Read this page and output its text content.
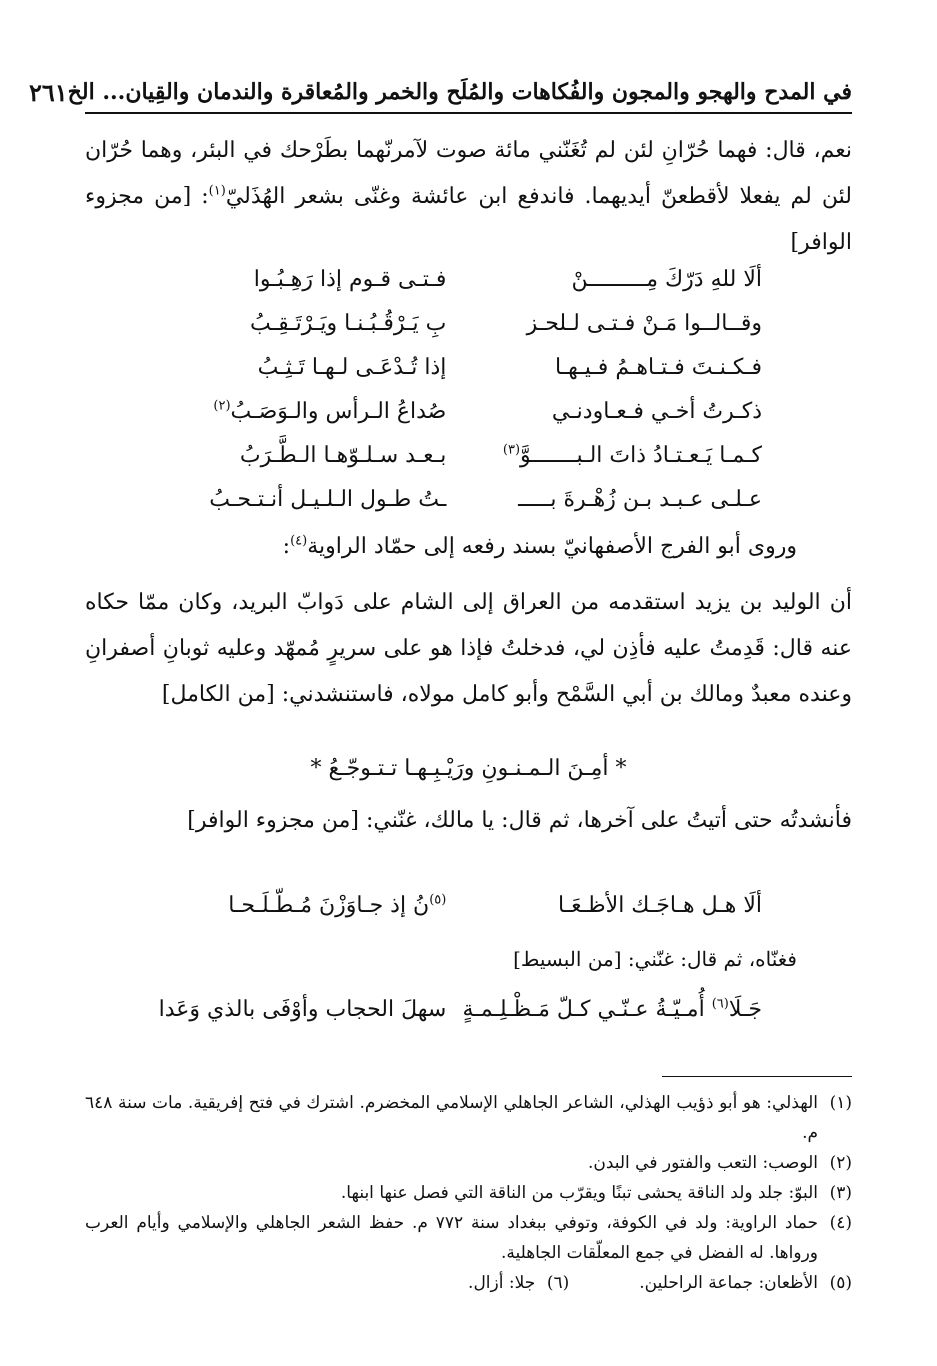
في المدح والهجو والمجون والفُكاهات والمُلَح والخمر والمُعاقرة والندمان والقِيان... الخ
٢٦١
نعم، قال: فهما حُرّانِ لئن لم تُغَنّني مائة صوت لآمرنّهما بطَرْحك في البئر، وهما حُرّان لئن لم يفعلا لأقطعنّ أيديهما. فاندفع ابن عائشة وغنّى بشعر الهُذَليّ$^{(١)}$: [من مجزوء الوافر]
ألَا للهِ دَرّكَ مِـــــــــنْ
فـتـى قـوم إذا رَهِـبُـوا
وقــالــوا مَـنْ فـتـى لـلحـز
بِ يَـرْقُـبُـنـا ويَـرْتَـقِـبُ
فـكـنـتَ فـتـاهـمُ فـيـهـا
إذا تُـدْعَـى لـهـا تَـثِـبُ
ذكـرتُ أخـي فـعـاودنـي
صُداعُ الـرأس والـوَصَـبُ$^{(٢)}$
كـمـا يَـعـتـادُ ذاتَ الـبـــــــوَّ$^{(٣)}$
بـعـد سـلـوّهـا الـطَّـرَبُ
عـلـى عـبـد بـن زُهْـرةَ بـــــ
ـتُ طـول الـلـيـل أنـتـحـبُ
وروى أبو الفرج الأصفهانيّ بسند رفعه إلى حمّاد الراوية$^{(٤)}$:
أن الوليد بن يزيد استقدمه من العراق إلى الشام على دَوابّ البريد، وكان ممّا حكاه عنه قال: قَدِمتُ عليه فأذِن لي، فدخلتُ فإذا هو على سريرٍ مُمهّد وعليه ثوبانِ أصفرانِ وعنده معبدٌ ومالك بن أبي السَّمْح وأبو كامل مولاه، فاستنشدني: [من الكامل]
* أمِـنَ الـمـنـونِ ورَيْـبِـهـا تـتـوجّـعُ *
فأنشدتُه حتى أتيتُ على آخرها، ثم قال: يا مالك، غنّني: [من مجزوء الوافر]
ألَا هـل هـاجَـك الأظـعَـا
$^{(٥)}$نُ إذ جـاوَزْنَ مُـطّـلَـحـا
فغنّاه، ثم قال: غنّني: [من البسيط]
جَـلَا$^{(٦)}$ أُمـيّـةُ عـنّـي كـلّ مَـظْـلِـمـةٍ
سهلَ الحجاب وأوْفَى بالذي وَعَدا
(١)
الهذلي: هو أبو ذؤيب الهذلي، الشاعر الجاهلي الإسلامي المخضرم. اشترك في فتح إفريقية. مات سنة ٦٤٨ م.
(٢)
الوصب: التعب والفتور في البدن.
(٣)
البوّ: جلد ولد الناقة يحشى تبنًا ويقرّب من الناقة التي فصل عنها ابنها.
(٤)
حماد الراوية: ولد في الكوفة، وتوفي ببغداد سنة ٧٧٢ م. حفظ الشعر الجاهلي والإسلامي وأيام العرب ورواها. له الفضل في جمع المعلّقات الجاهلية.
(٥)
الأظعان: جماعة الراحلين.
(٦)
جلا: أزال.
